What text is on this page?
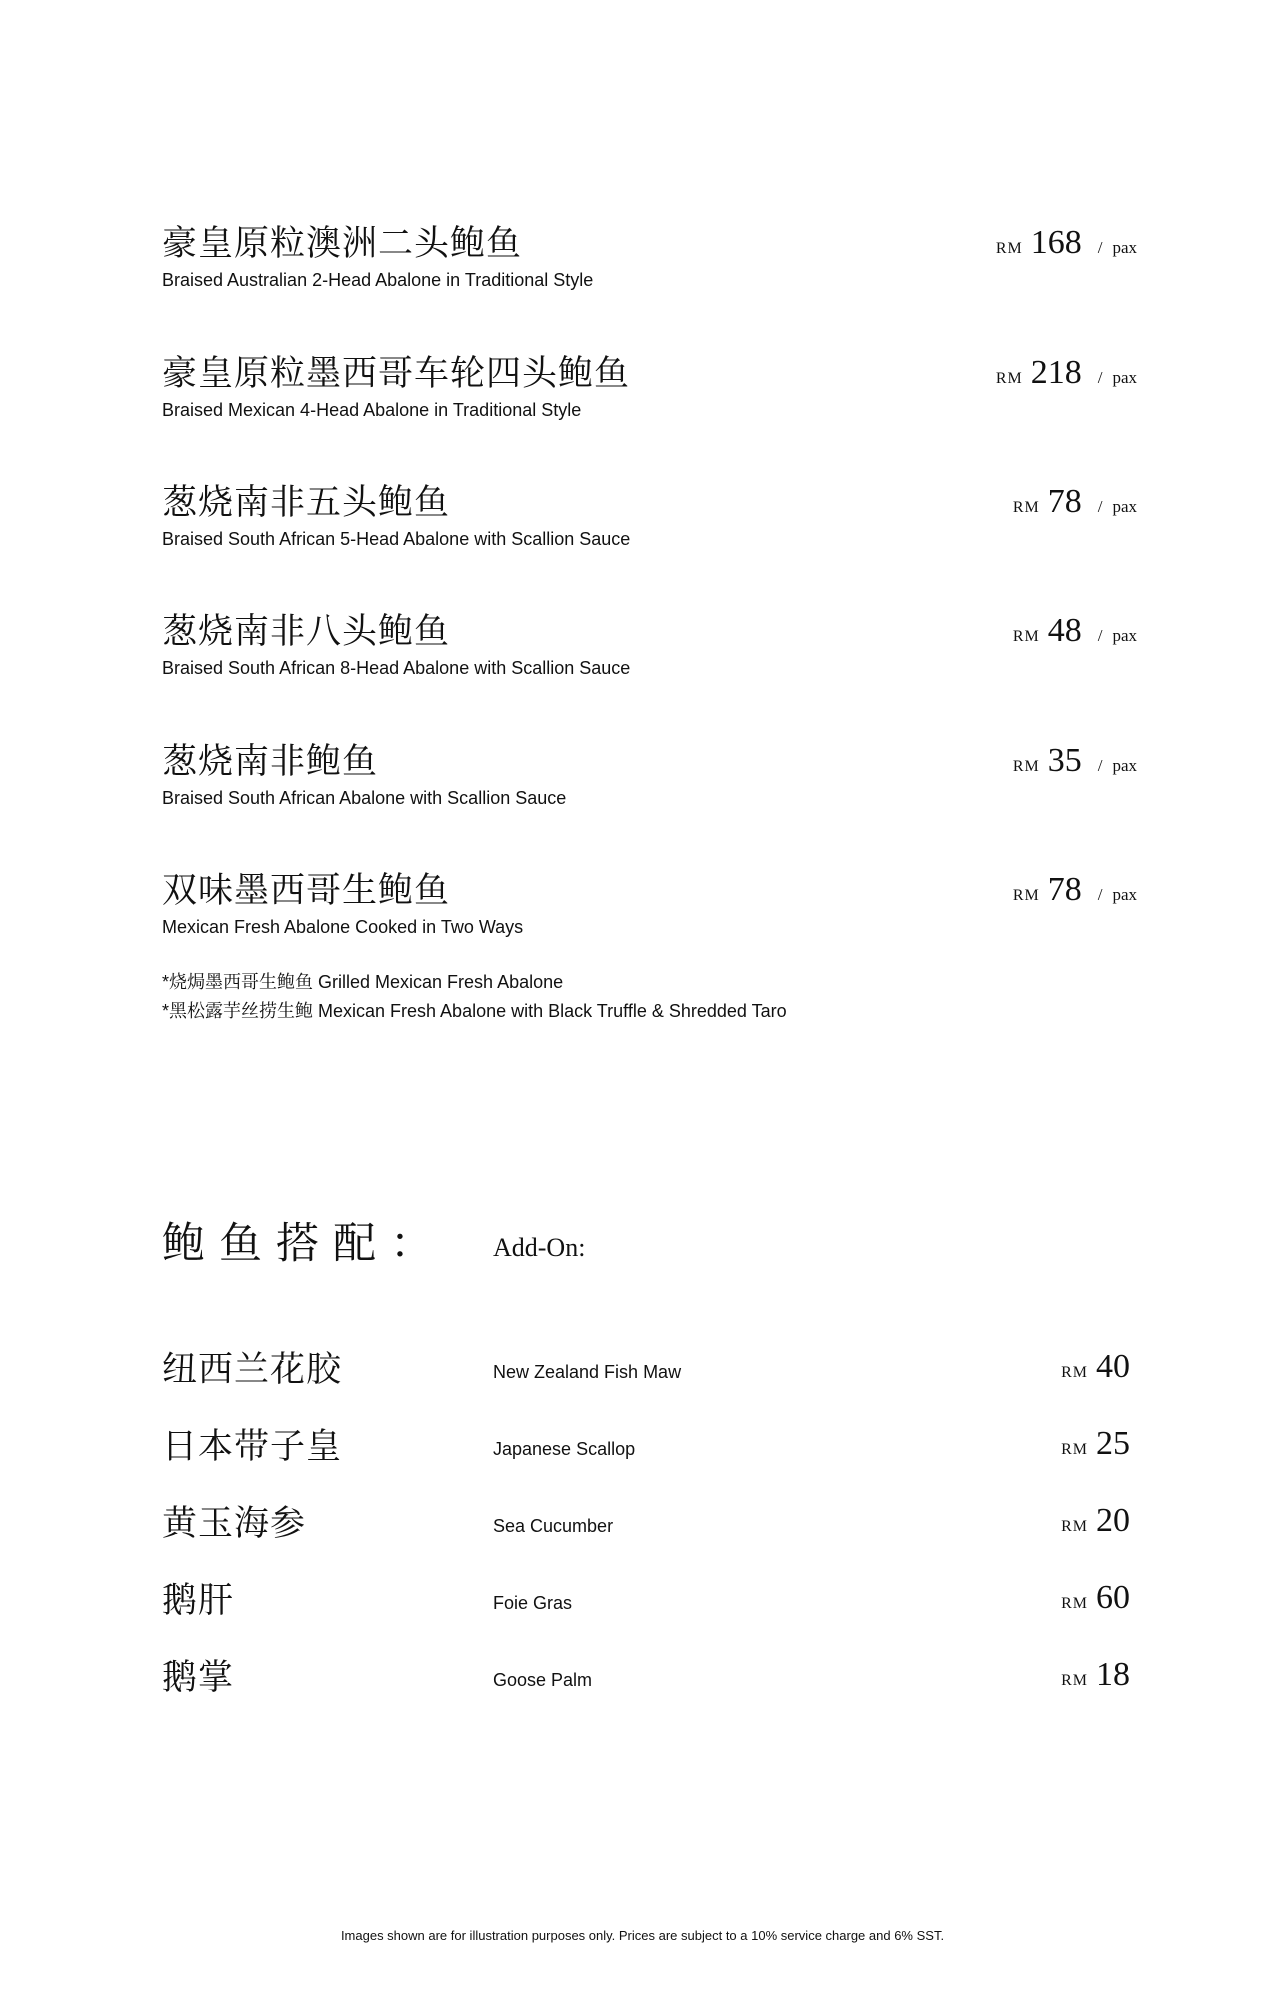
豪皇原粒澳洲二头鲍鱼
Braised Australian 2-Head Abalone in Traditional Style
RM 168 / pax
豪皇原粒墨西哥车轮四头鲍鱼
Braised Mexican 4-Head Abalone in Traditional Style
RM 218 / pax
葱烧南非五头鲍鱼
Braised South African 5-Head Abalone with Scallion Sauce
RM 78 / pax
葱烧南非八头鲍鱼
Braised South African 8-Head Abalone with Scallion Sauce
RM 48 / pax
葱烧南非鲍鱼
Braised South African Abalone with Scallion Sauce
RM 35 / pax
双味墨西哥生鲍鱼
Mexican Fresh Abalone Cooked in Two Ways
RM 78 / pax
*烧焗墨西哥生鲍鱼 Grilled Mexican Fresh Abalone
*黑松露芋丝捞生鲍 Mexican Fresh Abalone with Black Truffle & Shredded Taro
鲍鱼搭配： Add-On:
纽西兰花胶	New Zealand Fish Maw	RM 40
日本带子皇	Japanese Scallop	RM 25
黄玉海参	Sea Cucumber	RM 20
鹅肝	Foie Gras	RM 60
鹅掌	Goose Palm	RM 18
Images shown are for illustration purposes only. Prices are subject to a 10% service charge and 6% SST.
